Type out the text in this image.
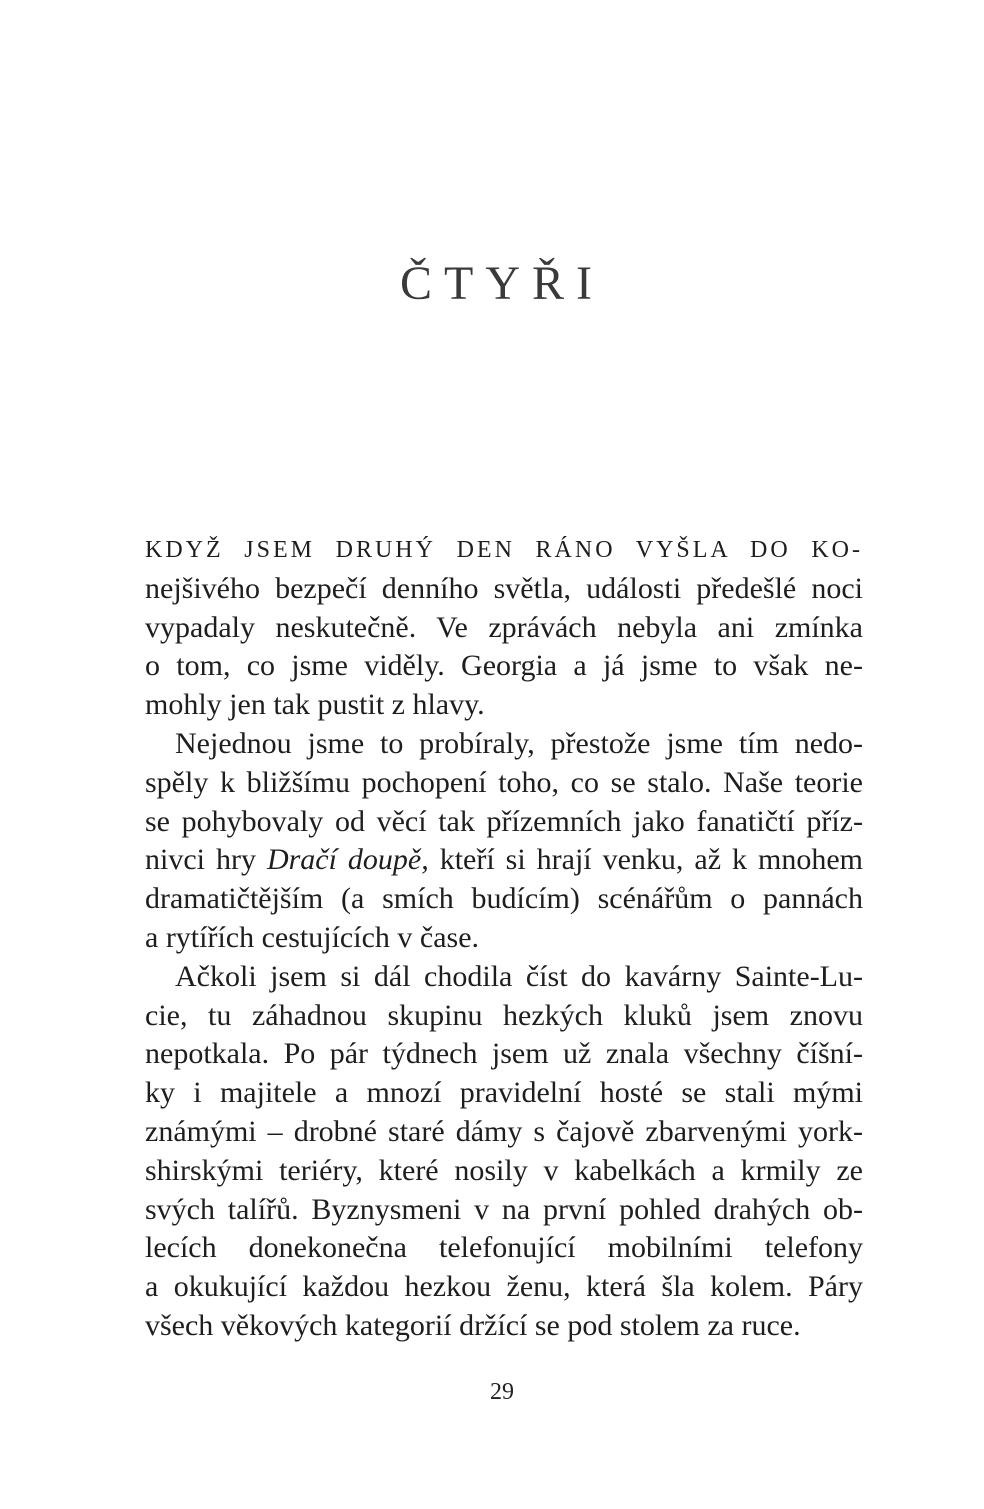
ČTYŘI

KDYŽ JSEM DRUHÝ DEN RÁNO VYŠLA DO KO-
nejšivého bezpečí denního světla, události předešlé noci
vypadaly neskutečně. Ve zprávách nebyla ani zmínka
o tom, co jsme viděly. Georgia a já jsme to však ne-
mohly jen tak pustit z hlavy.

Nejednou jsme to probíraly, přestože jsme tím nedo-
spěly k bližšímu pochopení toho, co se stalo. Naše teorie
se pohybovaly od věcí tak přízemních jako fanatičtí příz-
nivci hry Dračí doupě, kteří si hrají venku, až k mnohem
dramatičtějším (a smích budícím) scénářům o pannách
a rytířích cestujících v čase.

Ačkoli jsem si dál chodila číst do kavárny Sainte-Lu-
cie, tu záhadnou skupinu hezkých kluků jsem znovu
nepotkala. Po pár týdnech jsem už znala všechny číšní-
ky i majitele a mnozí pravidelní hosté se stali mými
známými – drobné staré dámy s čajově zbarvenými york-
shirskými teriéry, které nosily v kabelkách a krmily ze
svých talířů. Byznysmeni v na první pohled drahých ob-
lecích donekonečna telefonující mobilními telefony
a okukující každou hezkou ženu, která šla kolem. Páry
všech věkových kategorií držící se pod stolem za ruce.

29
